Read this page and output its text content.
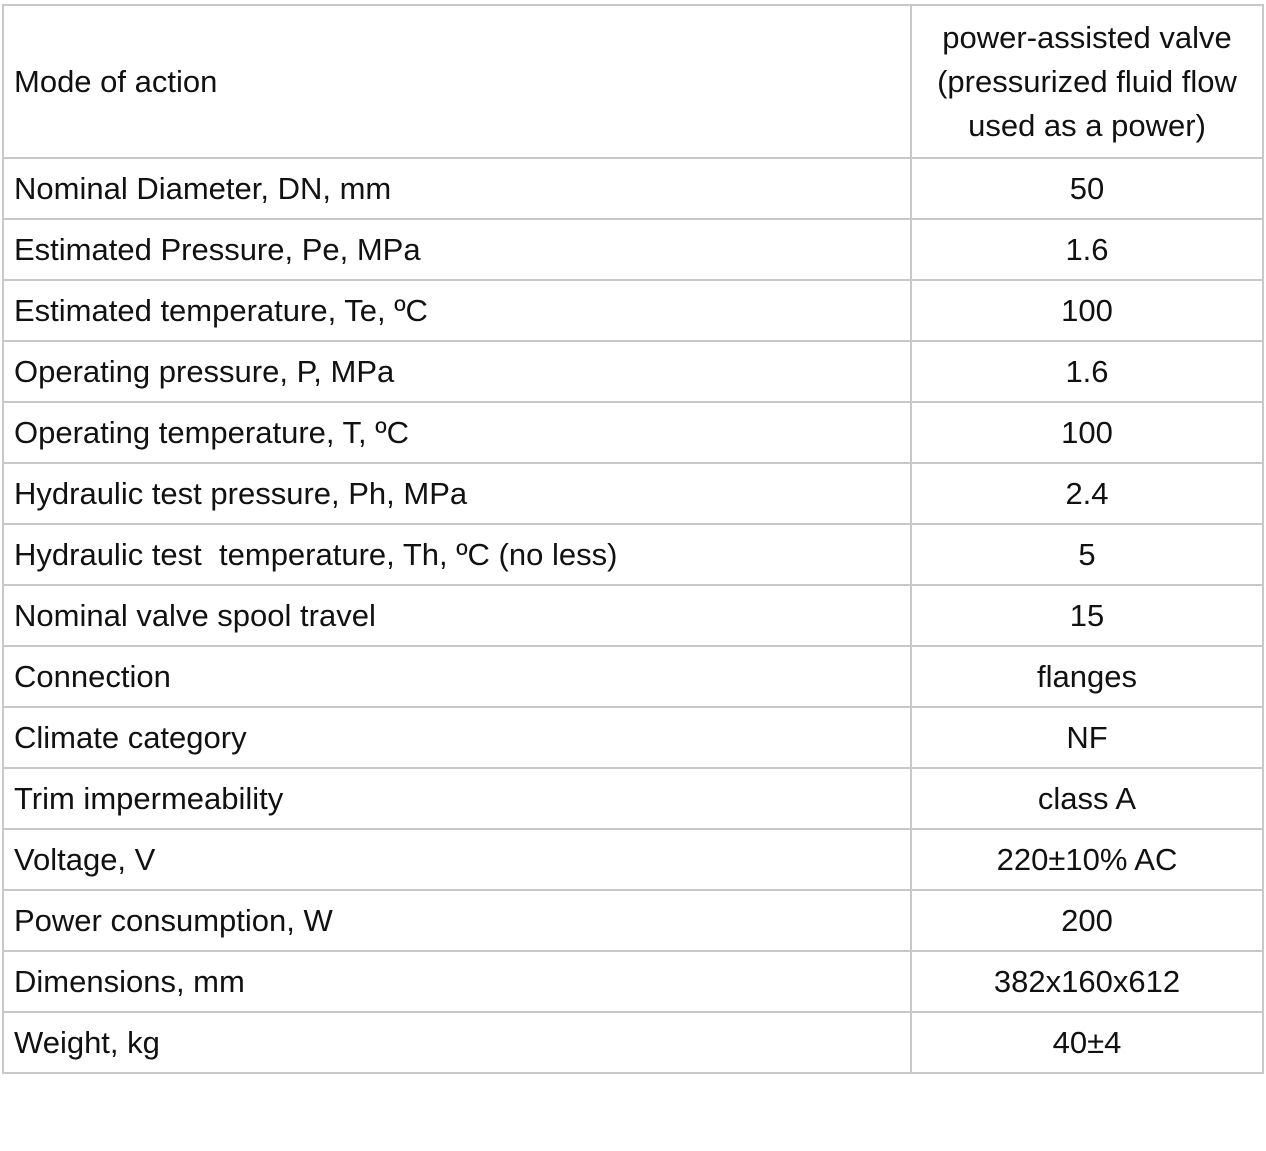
Mode of action	power-assisted valve
(pressurized fluid flow
used as a power)

Nominal Diameter, DN, mm	50
Estimated Pressure, Pe, MPa	1.6
Estimated temperature, Te, ºC	100
Operating pressure, P, MPa	1.6
Operating temperature, T, ºC	100
Hydraulic test pressure, Ph, MPa	2.4
Hydraulic test  temperature, Th, ºC (no less)	5
Nominal valve spool travel	15
Connection	flanges
Climate category	NF
Trim impermeability	class A
Voltage, V	220±10% AC
Power consumption, W	200
Dimensions, mm	382x160x612
Weight, kg	40±4
